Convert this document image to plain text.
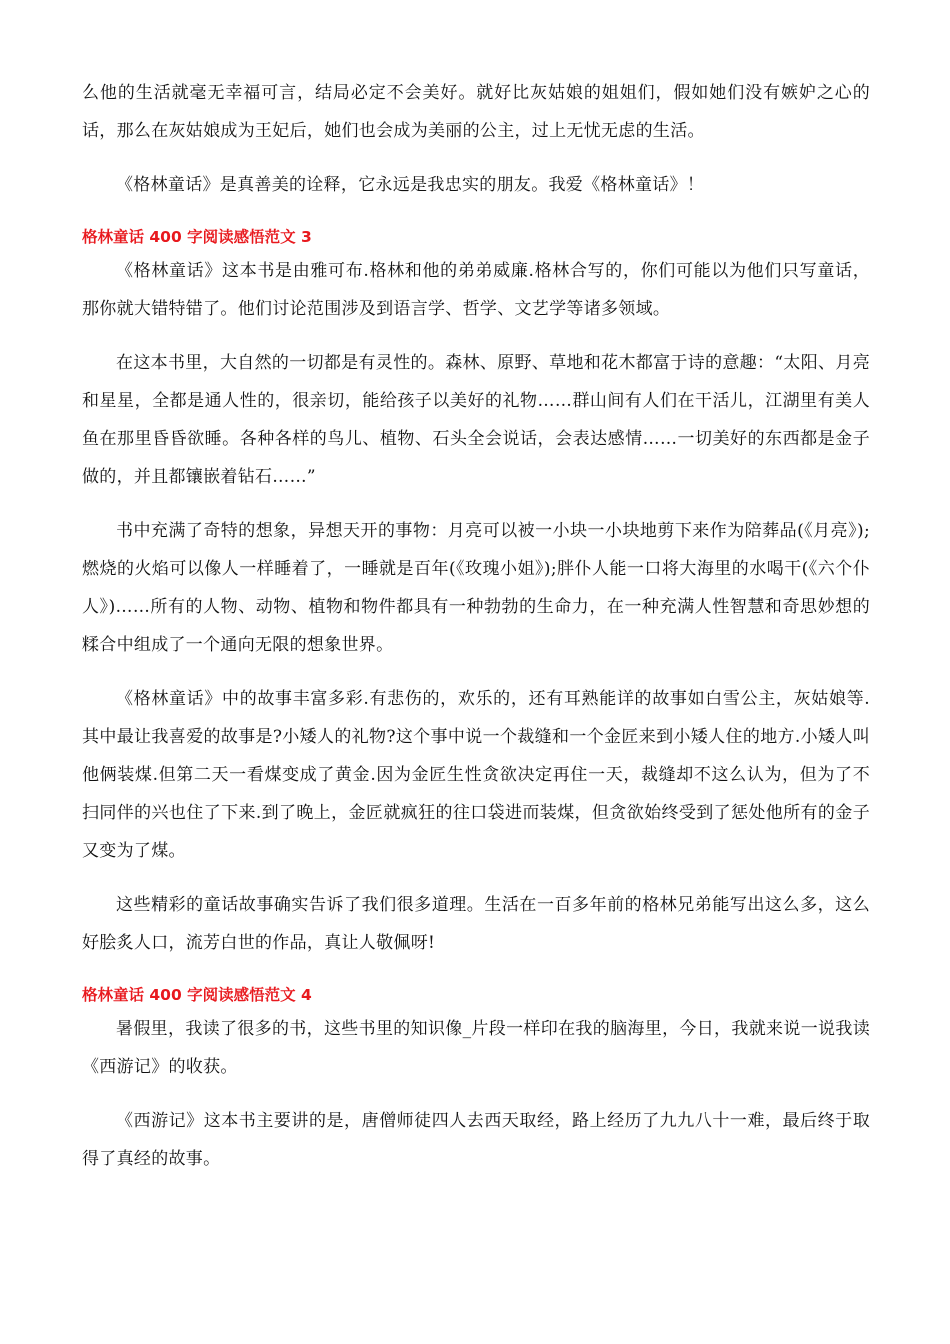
么他的生活就毫无幸福可言，结局必定不会美好。就好比灰姑娘的姐姐们，假如她们没有嫉妒之心的话，那么在灰姑娘成为王妃后，她们也会成为美丽的公主，过上无忧无虑的生活。

《格林童话》是真善美的诠释，它永远是我忠实的朋友。我爱《格林童话》！

格林童话 400 字阅读感悟范文 3

《格林童话》这本书是由雅可布.格林和他的弟弟威廉.格林合写的，你们可能以为他们只写童话，那你就大错特错了。他们讨论范围涉及到语言学、哲学、文艺学等诸多领域。

在这本书里，大自然的一切都是有灵性的。森林、原野、草地和花木都富于诗的意趣：“太阳、月亮和星星，全都是通人性的，很亲切，能给孩子以美好的礼物……群山间有人们在干活儿，江湖里有美人鱼在那里昏昏欲睡。各种各样的鸟儿、植物、石头全会说话，会表达感情……一切美好的东西都是金子做的，并且都镶嵌着钻石……”

书中充满了奇特的想象，异想天开的事物：月亮可以被一小块一小块地剪下来作为陪葬品(《月亮》);燃烧的火焰可以像人一样睡着了，一睡就是百年(《玫瑰小姐》);胖仆人能一口将大海里的水喝干(《六个仆人》)……所有的人物、动物、植物和物件都具有一种勃勃的生命力，在一种充满人性智慧和奇思妙想的糅合中组成了一个通向无限的想象世界。

《格林童话》中的故事丰富多彩.有悲伤的，欢乐的，还有耳熟能详的故事如白雪公主，灰姑娘等.其中最让我喜爱的故事是?小矮人的礼物?这个事中说一个裁缝和一个金匠来到小矮人住的地方.小矮人叫他俩装煤.但第二天一看煤变成了黄金.因为金匠生性贪欲决定再住一天，裁缝却不这么认为，但为了不扫同伴的兴也住了下来.到了晚上，金匠就疯狂的往口袋进而装煤，但贪欲始终受到了惩处他所有的金子又变为了煤。

这些精彩的童话故事确实告诉了我们很多道理。生活在一百多年前的格林兄弟能写出这么多，这么好脍炙人口，流芳白世的作品，真让人敬佩呀!

格林童话 400 字阅读感悟范文 4

暑假里，我读了很多的书，这些书里的知识像_片段一样印在我的脑海里，今日，我就来说一说我读《西游记》的收获。

《西游记》这本书主要讲的是，唐僧师徒四人去西天取经，路上经历了九九八十一难，最后终于取得了真经的故事。
